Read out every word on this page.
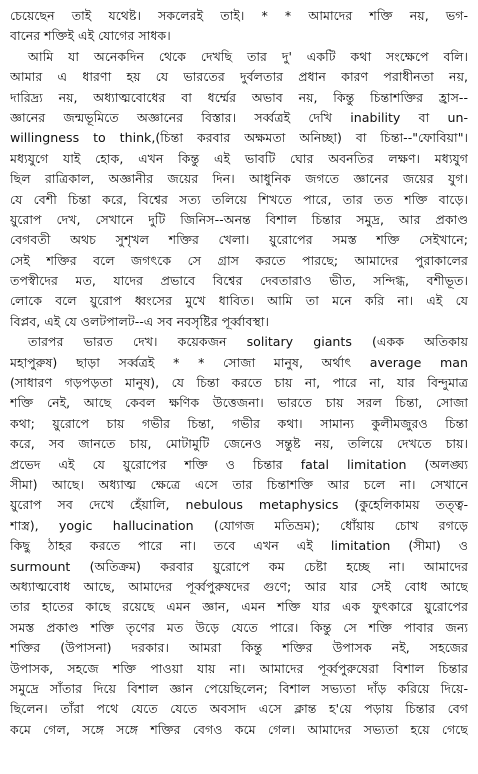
চেয়েছেন তাই যথেষ্ট। সকলেরই তাই। * * আমাদের শক্তি নয়, ভগ-
বানের শক্তিই এই যোগের সাধক।
আমি যা অনেকদিন থেকে দেখছি তার দু' একটি কথা সংক্ষেপে বলি।
আমার এ ধারণা হয় যে ভারতের দুর্বলতার প্রধান কারণ পরাধীনতা নয়,
দারিদ্র্য নয়, অধ্যাত্মবোধের বা ধর্ম্মের অভাব নয়, কিন্তু চিন্তাশক্তির হ্রাস--
জ্ঞানের জন্মভূমিতে অজ্ঞানের বিস্তার। সর্ব্বত্রই দেখি inability বা un-
willingness to think,(চিন্তা করবার অক্ষমতা অনিচ্ছা) বা চিন্তা--"ফোবিয়া"।
মধ্যযুগে যাই হোক, এখন কিন্তু এই ভাবটি ঘোর অবনতির লক্ষণ। মধ্যযুগ
ছিল রাত্রিকাল, অজ্ঞানীর জয়ের দিন। আধুনিক জগতে জ্ঞানের জয়ের যুগ।
যে বেশী চিন্তা করে, বিশ্বের সত্য তলিয়ে শিখতে পারে, তার তত শক্তি বাড়ে।
য়ুরোপ দেখ, সেখানে দুটি জিনিস--অনন্ত বিশাল চিন্তার সমুদ্র, আর প্রকাণ্ড
বেগবতী অথচ সুশৃখল শক্তির খেলা। য়ুরোপের সমস্ত শক্তি সেইখানে;
সেই শক্তির বলে জগৎকে সে গ্রাস করতে পারছে; আমাদের পুরাকালের
তপস্বীদের মত, যাদের প্রভাবে বিশ্বের দেবতারাও ভীত, সন্দিগ্ধ, বশীভূত।
লোকে বলে য়ুরোপ ধ্বংসের মুখে ধাবিত। আমি তা মনে করি না। এই যে
বিপ্লব, এই যে ওলটপালট--এ সব নবসৃষ্টির পূর্ব্বাবস্থা।
তারপর ভারত দেখ। কয়েকজন solitary giants (একক অতিকায়
মহাপুরুষ) ছাড়া সর্ব্বত্রই * * সোজা মানুষ, অর্থাৎ average man
(সাধারণ গড়পড়তা মানুষ), যে চিন্তা করতে চায় না, পারে না, যার বিন্দুমাত্র
শক্তি নেই, আছে কেবল ক্ষণিক উত্তেজনা। ভারতে চায় সরল চিন্তা, সোজা
কথা; য়ুরোপে চায় গভীর চিন্তা, গভীর কথা। সামান্য কুলীমজুরও চিন্তা
করে, সব জানতে চায়, মোটামুটি জেনেও সন্তুষ্ট নয়, তলিয়ে দেখতে চায়।
প্রভেদ এই যে য়ুরোপের শক্তি ও চিন্তার fatal limitation (অলঙ্ঘ্য
সীমা) আছে। অধ্যাত্ম ক্ষেত্রে এসে তার চিন্তাশক্তি আর চলে না। সেখানে
য়ুরোপ সব দেখে হেঁয়ালি, nebulous metaphysics (কুহেলিকাময় তত্ত্ব-
শাস্ত্র), yogic hallucination (যোগজ মতিভ্রম); ধোঁয়ায় চোখ রগড়ে
কিছু ঠাহর করতে পারে না। তবে এখন এই limitation (সীমা) ও
surmount (অতিক্রম) করবার য়ুরোপে কম চেষ্টা হচ্ছে না। আমাদের
অধ্যাত্মবোধ আছে, আমাদের পূর্ব্বপুরুষদের গুণে; আর যার সেই বোধ আছে
তার হাতের কাছে রয়েছে এমন জ্ঞান, এমন শক্তি যার এক ফুৎকারে য়ুরোপের
সমস্ত প্রকাণ্ড শক্তি তৃণের মত উড়ে যেতে পারে। কিন্তু সে শক্তি পাবার জন্য
শক্তির (উপাসনা) দরকার। আমরা কিন্তু শক্তির উপাসক নই, সহজের
উপাসক, সহজে শক্তি পাওয়া যায় না। আমাদের পূর্ব্বপুরুষেরা বিশাল চিন্তার
সমুদ্রে সাঁতার দিয়ে বিশাল জ্ঞান পেয়েছিলেন; বিশাল সভ্যতা দাঁড় করিয়ে দিয়ে-
ছিলেন। তাঁরা পথে যেতে যেতে অবসাদ এসে ক্লান্ত হ'য়ে পড়ায় চিন্তার বেগ
কমে গেল, সঙ্গে সঙ্গে শক্তির বেগও কমে গেল। আমাদের সভ্যতা হয়ে গেছে
